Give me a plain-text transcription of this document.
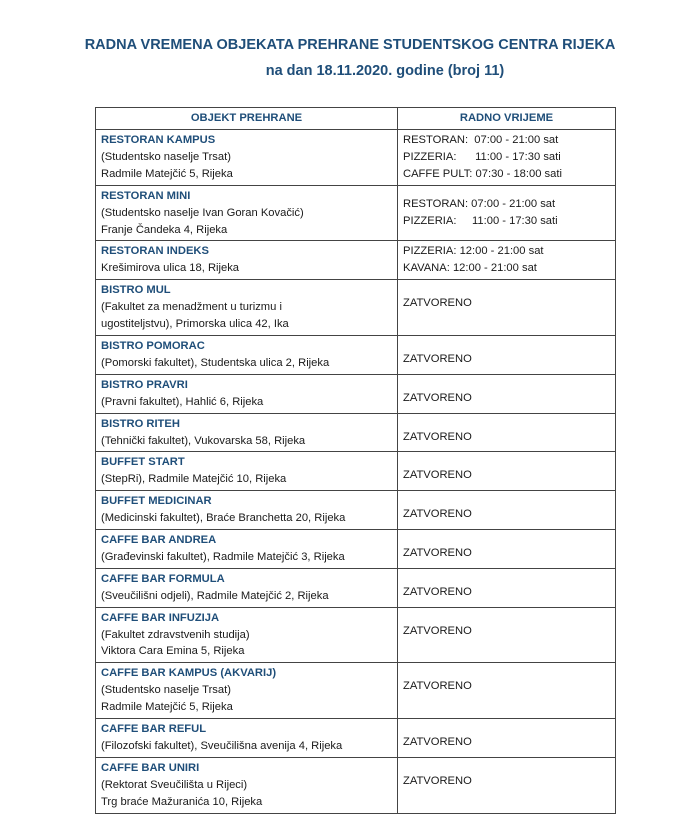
RADNA VREMENA OBJEKATA PREHRANE STUDENTSKOG CENTRA RIJEKA
na dan 18.11.2020. godine (broj 11)
OBJEKT PREHRANE	RADNO VRIJEME

RESTORAN KAMPUS
(Studentsko naselje Trsat)
Radmile Matejčić 5, Rijeka	RESTORAN:  07:00 - 21:00 sat
PIZZERIA:      11:00 - 17:30 sati
CAFFE PULT: 07:30 - 18:00 sati

RESTORAN MINI
(Studentsko naselje Ivan Goran Kovačić)
Franje Čandeka 4, Rijeka	RESTORAN: 07:00 - 21:00 sat
PIZZERIA:     11:00 - 17:30 sati

RESTORAN INDEKS
Krešimirova ulica 18, Rijeka	PIZZERIA: 12:00 - 21:00 sat
KAVANA: 12:00 - 21:00 sat

BISTRO MUL
(Fakultet za menadžment u turizmu i
ugostiteljstvu), Primorska ulica 42, Ika	ZATVORENO

BISTRO POMORAC
(Pomorski fakultet), Studentska ulica 2, Rijeka	ZATVORENO

BISTRO PRAVRI
(Pravni fakultet), Hahlić 6, Rijeka	ZATVORENO

BISTRO RITEH
(Tehnički fakultet), Vukovarska 58, Rijeka	ZATVORENO

BUFFET START
(StepRi), Radmile Matejčić 10, Rijeka	ZATVORENO

BUFFET MEDICINAR
(Medicinski fakultet), Braće Branchetta 20, Rijeka	ZATVORENO

CAFFE BAR ANDREA
(Građevinski fakultet), Radmile Matejčić 3, Rijeka	ZATVORENO

CAFFE BAR FORMULA
(Sveučilišni odjeli), Radmile Matejčić 2, Rijeka	ZATVORENO

CAFFE BAR INFUZIJA
(Fakultet zdravstvenih studija)
Viktora Cara Emina 5, Rijeka	ZATVORENO

CAFFE BAR KAMPUS (AKVARIJ)
(Studentsko naselje Trsat)
Radmile Matejčić 5, Rijeka	ZATVORENO

CAFFE BAR REFUL
(Filozofski fakultet), Sveučilišna avenija 4, Rijeka	ZATVORENO

CAFFE BAR UNIRI
(Rektorat Sveučilišta u Rijeci)
Trg braće Mažuranića 10, Rijeka	ZATVORENO
